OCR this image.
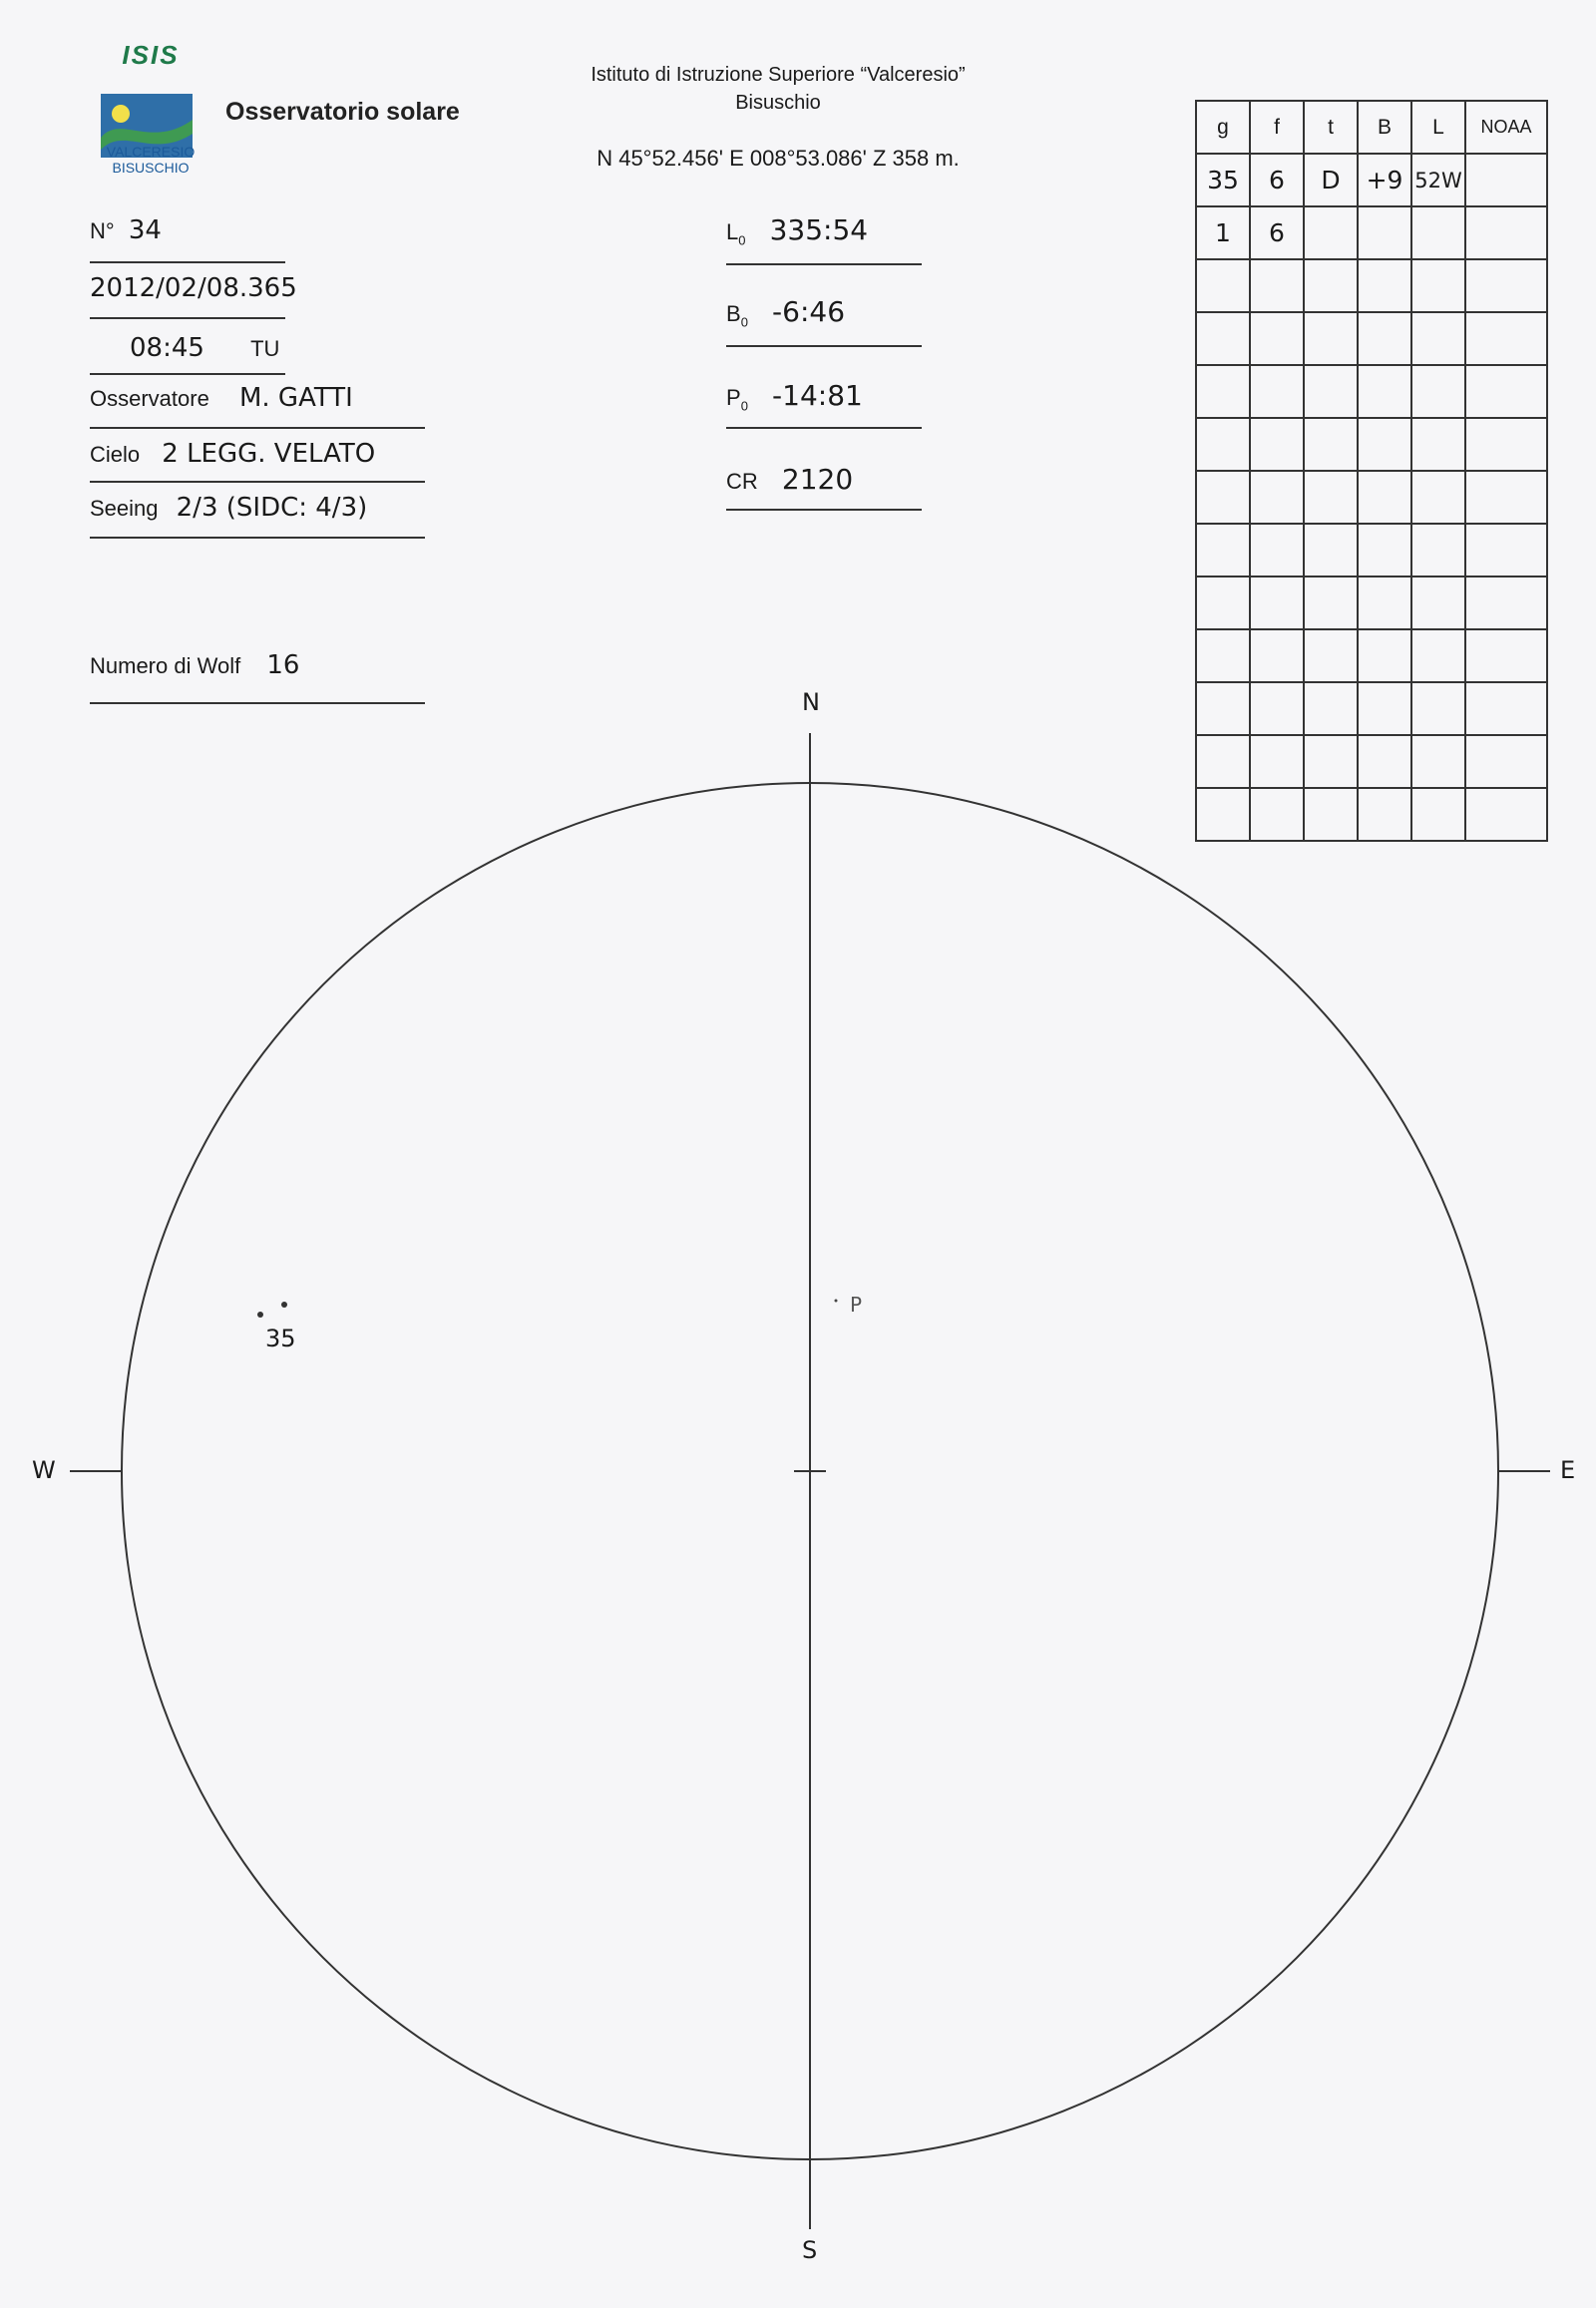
ISIS
VALCERESIO
BISUSCHIO
Osservatorio solare
Istituto di Istruzione Superiore “Valceresio”
Bisuschio
N 45°52.456' E 008°53.086' Z 358 m.
N° 34
2012/02/08.365
08:45 TU
Osservatore M. GATTI
Cielo 2 LEGG. VELATO
Seeing 2/3 (SIDC: 4/3)
Numero di Wolf 16
$L_0$ 335:54
$B_0$ -6:46
$P_0$ -14:81
CR 2120
g	f	t	B	L	NOAA
35	6	D	+9	52W	
1	6				

N
S
W	E
P
35
